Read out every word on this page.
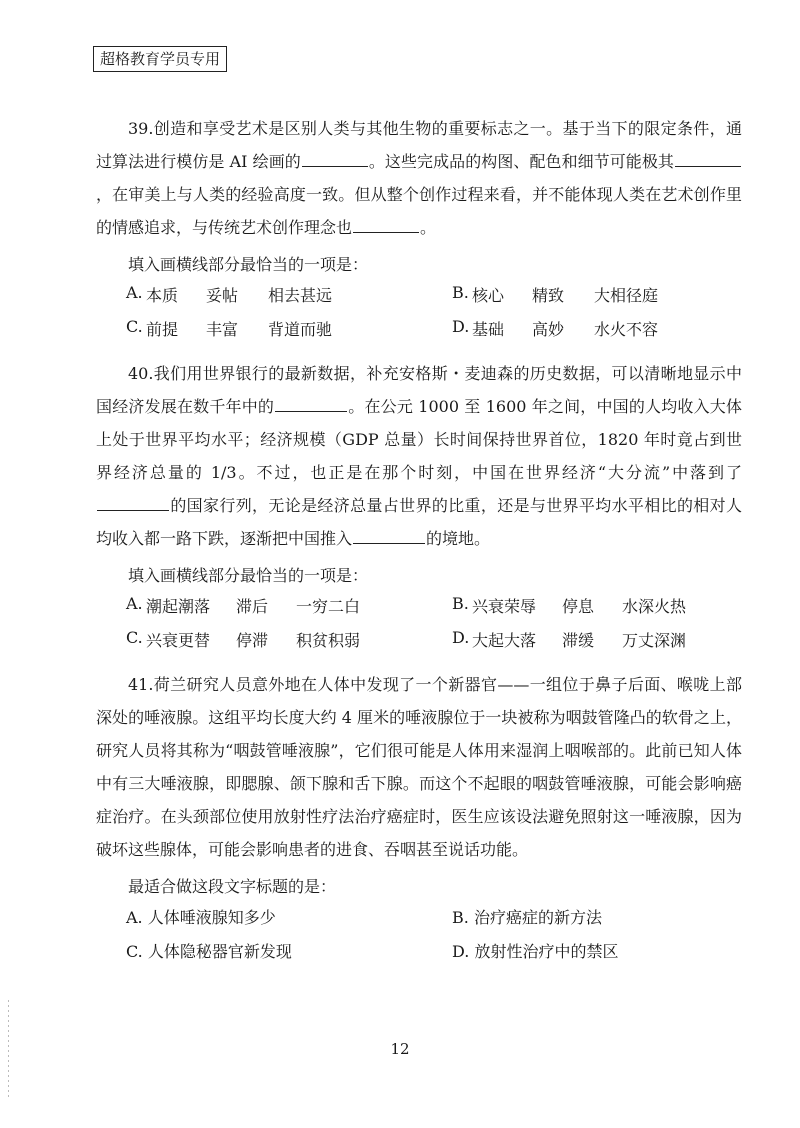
超格教育学员专用

39.创造和享受艺术是区别人类与其他生物的重要标志之一。基于当下的限定条件，通过算法进行模仿是 AI 绘画的	。这些完成品的构图、配色和细节可能极其，在审美上与人类的经验高度一致。但从整个创作过程来看，并不能体现人类在艺术创作里的情感追求，与传统艺术创作理念也	。

填入画横线部分最恰当的一项是：

A. 本质 妥帖 相去甚远	B. 核心 精致 大相径庭
C. 前提 丰富 背道而驰	D. 基础 高妙 水火不容

40.我们用世界银行的最新数据，补充安格斯・麦迪森的历史数据，可以清晰地显示中国经济发展在数千年中的	。在公元 1000 至 1600 年之间，中国的人均收入大体上处于世界平均水平；经济规模（GDP 总量）长时间保持世界首位，1820 年时竟占到世界经济总量的 1/3。不过，也正是在那个时刻，中国在世界经济“大分流”中落到了的国家行列，无论是经济总量占世界的比重，还是与世界平均水平相比的相对人均收入都一路下跌，逐渐把中国推入	的境地。

填入画横线部分最恰当的一项是：

A. 潮起潮落 滞后 一穷二白	B. 兴衰荣辱 停息 水深火热
C. 兴衰更替 停滞 积贫积弱	D. 大起大落 滞缓 万丈深渊

41.荷兰研究人员意外地在人体中发现了一个新器官——一组位于鼻子后面、喉咙上部深处的唾液腺。这组平均长度大约 4 厘米的唾液腺位于一块被称为咽鼓管隆凸的软骨之上，研究人员将其称为“咽鼓管唾液腺”，它们很可能是人体用来湿润上咽喉部的。此前已知人体中有三大唾液腺，即腮腺、颌下腺和舌下腺。而这个不起眼的咽鼓管唾液腺，可能会影响癌症治疗。在头颈部位使用放射性疗法治疗癌症时，医生应该设法避免照射这一唾液腺，因为破坏这些腺体，可能会影响患者的进食、吞咽甚至说话功能。

最适合做这段文字标题的是：

A. 人体唾液腺知多少	B. 治疗癌症的新方法
C. 人体隐秘器官新发现	D. 放射性治疗中的禁区
12
